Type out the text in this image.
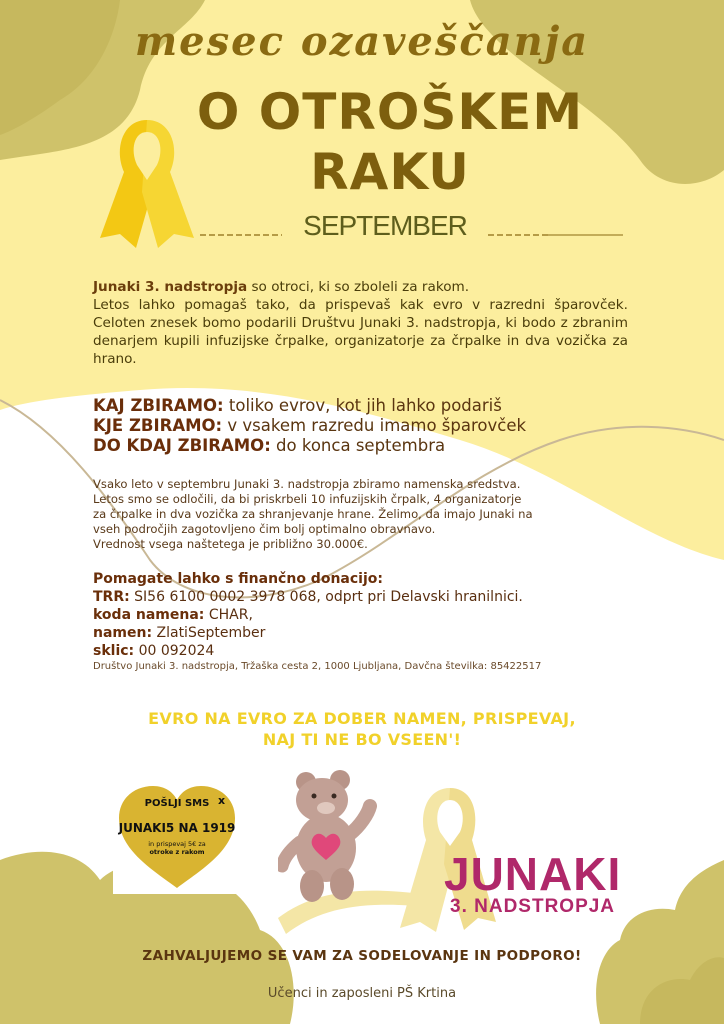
mesec ozaveščanja
O OTROŠKEM
RAKU
SEPTEMBER
Junaki 3. nadstropja so otroci, ki so zboleli za rakom.
Letos lahko pomagaš tako, da prispevaš kak evro v razredni šparovček. Celoten znesek bomo podarili Društvu Junaki 3. nadstropja, ki bodo z zbranim denarjem kupili infuzijske črpalke, organizatorje za črpalke in dva vozička za hrano.
KAJ ZBIRAMO: toliko evrov, kot jih lahko podariš
KJE ZBIRAMO: v vsakem razredu imamo šparovček
DO KDAJ ZBIRAMO: do konca septembra
Vsako leto v septembru Junaki 3. nadstropja zbiramo namenska sredstva.
Letos smo se odločili, da bi priskrbeli 10 infuzijskih črpalk, 4 organizatorje
za črpalke in dva vozička za shranjevanje hrane. Želimo, da imajo Junaki na
vseh področjih zagotovljeno čim bolj optimalno obravnavo.
Vrednost vsega naštetega je približno 30.000€.
Pomagate lahko s finančno donacijo:
TRR: SI56 6100 0002 3978 068, odprt pri Delavski hranilnici.
koda namena: CHAR,
namen: ZlatiSeptember
sklic: 00 092024
Društvo Junaki 3. nadstropja, Tržaška cesta 2, 1000 Ljubljana, Davčna številka: 85422517
EVRO NA EVRO ZA DOBER NAMEN, PRISPEVAJ,
NAJ TI NE BO VSEEN'!
x
POŠLJI SMS
JUNAKI5 NA 1919
in prispevaj 5€ za
otroke z rakom	JUNAKI
3. NADSTROPJA
ZAHVALJUJEMO SE VAM ZA SODELOVANJE IN PODPORO!
Učenci in zaposleni PŠ Krtina
